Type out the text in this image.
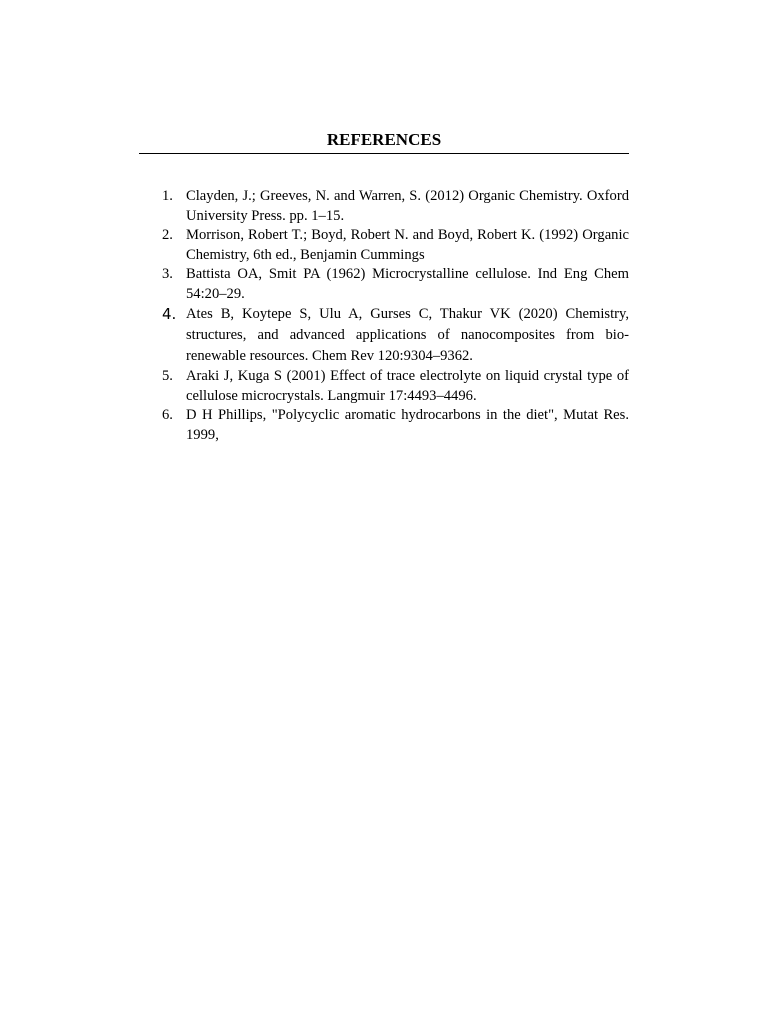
REFERENCES
1. Clayden, J.; Greeves, N. and Warren, S. (2012) Organic Chemistry. Oxford University Press. pp. 1–15.
2. Morrison, Robert T.; Boyd, Robert N. and Boyd, Robert K. (1992) Organic Chemistry, 6th ed., Benjamin Cummings
3. Battista OA, Smit PA (1962) Microcrystalline cellulose. Ind Eng Chem 54:20–29.
4. Ates B, Koytepe S, Ulu A, Gurses C, Thakur VK (2020) Chemistry, structures, and advanced applications of nanocomposites from bio-renewable resources. Chem Rev 120:9304–9362.
5. Araki J, Kuga S (2001) Effect of trace electrolyte on liquid crystal type of cellulose microcrystals. Langmuir 17:4493–4496.
6. D H Phillips, "Polycyclic aromatic hydrocarbons in the diet", Mutat Res. 1999,
